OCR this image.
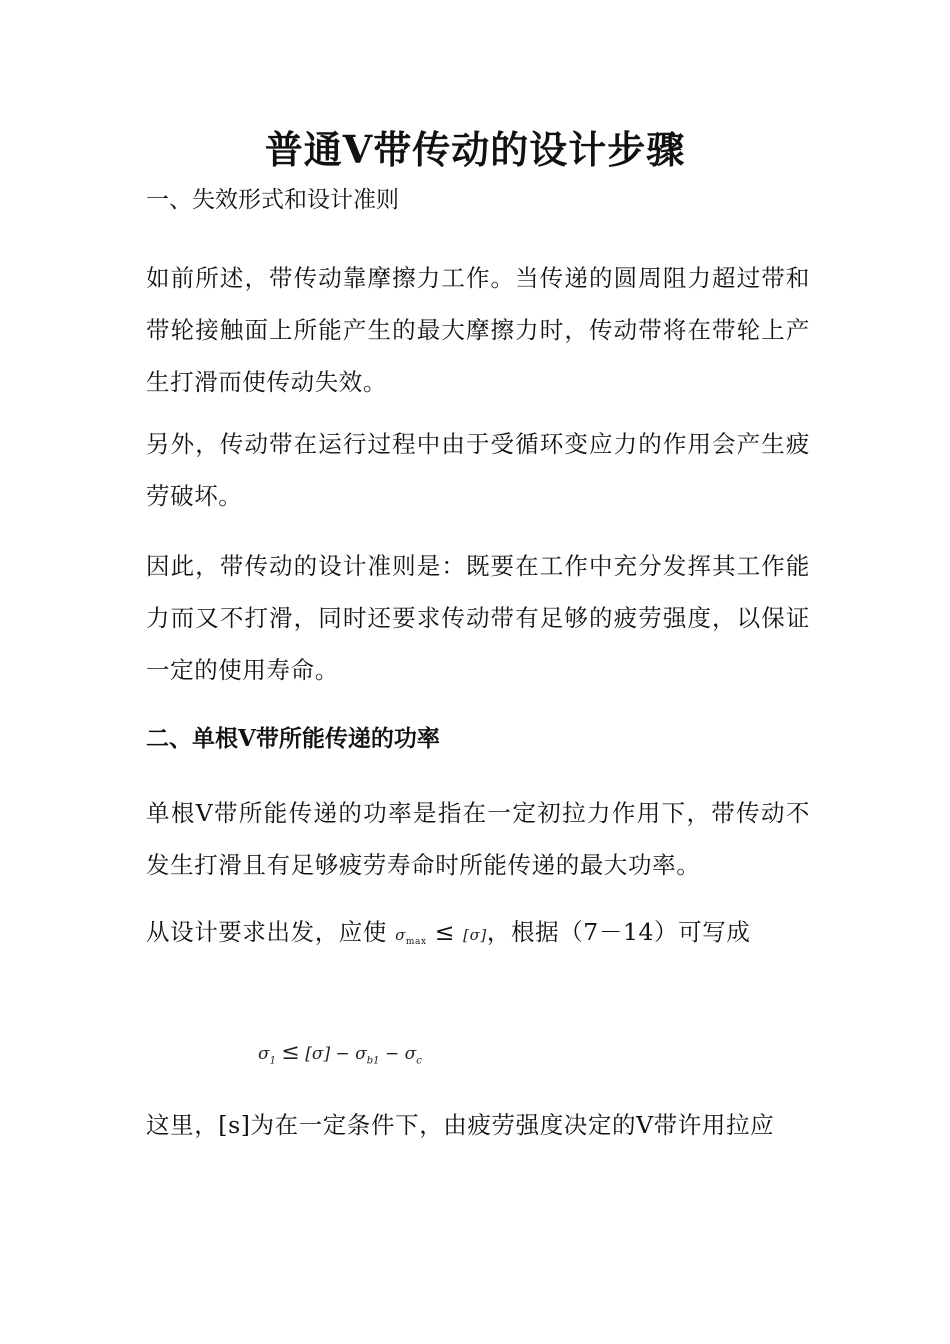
普通V带传动的设计步骤
一、失效形式和设计准则
如前所述，带传动靠摩擦力工作。当传递的圆周阻力超过带和带轮接触面上所能产生的最大摩擦力时，传动带将在带轮上产生打滑而使传动失效。
另外，传动带在运行过程中由于受循环变应力的作用会产生疲劳破坏。
因此，带传动的设计准则是：既要在工作中充分发挥其工作能力而又不打滑，同时还要求传动带有足够的疲劳强度，以保证一定的使用寿命。
二、单根V带所能传递的功率
单根V带所能传递的功率是指在一定初拉力作用下，带传动不发生打滑且有足够疲劳寿命时所能传递的最大功率。
从设计要求出发，应使 $\sigma_{max} \le [\sigma]$，根据（7－14）可写成
$\sigma_1 \le [\sigma] - \sigma_{b1} - \sigma_c$
这里，[s]为在一定条件下，由疲劳强度决定的V带许用拉应
